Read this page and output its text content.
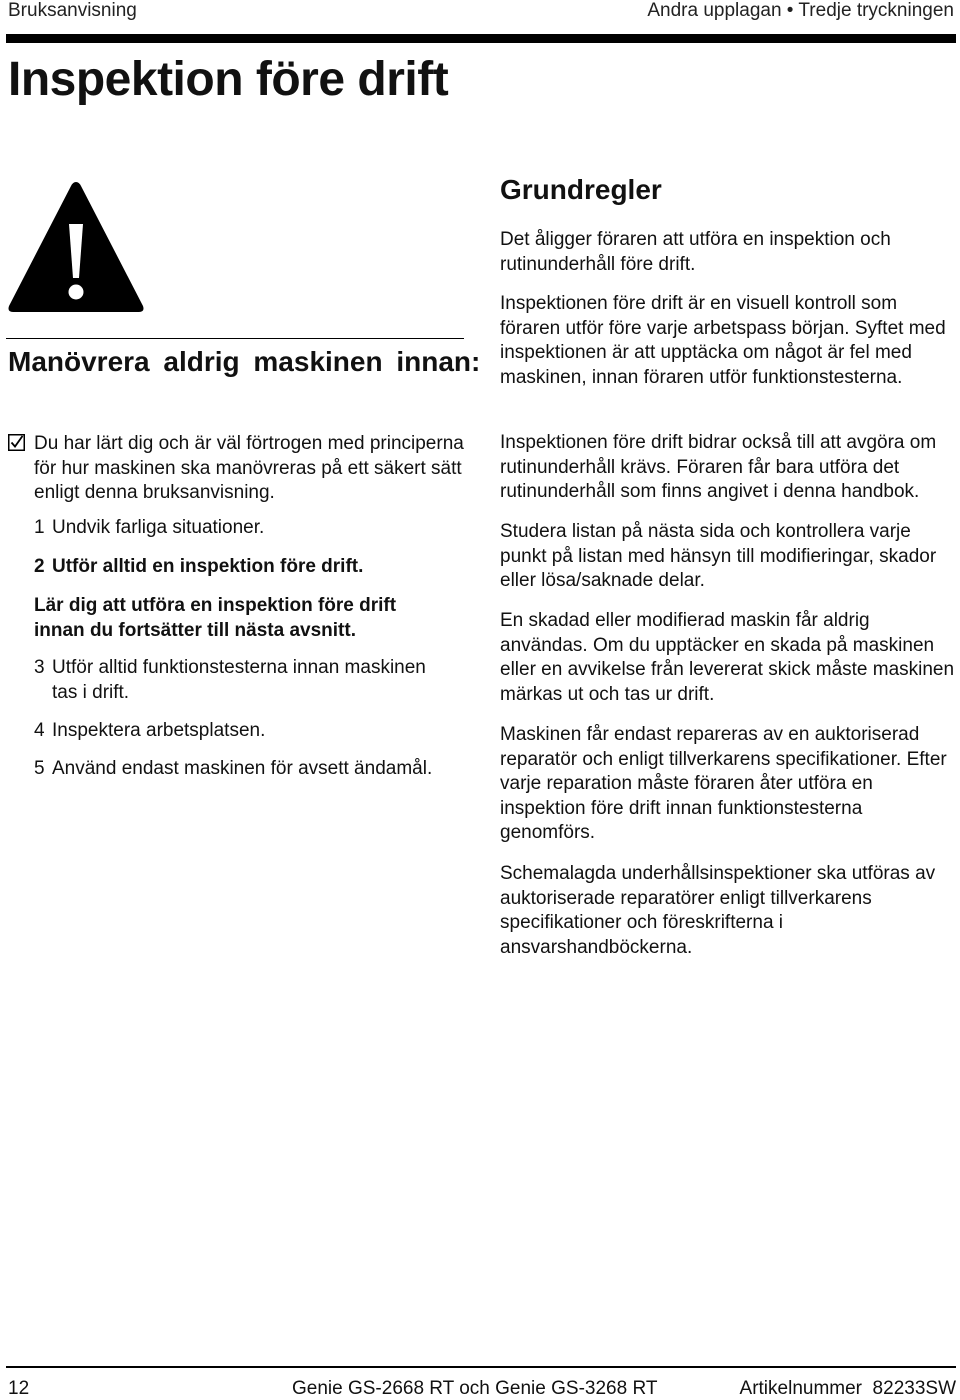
Bruksanvisning	Andra upplagan • Tredje tryckningen
Inspektion före drift
Manövrera aldrig maskinen innan:
Du har lärt dig och är väl förtrogen med principerna för hur maskinen ska manövreras på ett säkert sätt enligt denna bruksanvisning.
1 Undvik farliga situationer.
2 Utför alltid en inspektion före drift.
Lär dig att utföra en inspektion före drift innan du fortsätter till nästa avsnitt.
3 Utför alltid funktionstesterna innan maskinen
tas i drift.
4 Inspektera arbetsplatsen.
5 Använd endast maskinen för avsett ändamål.
Grundregler

Det åligger föraren att utföra en inspektion och rutinunderhåll före drift.

Inspektionen före drift är en visuell kontroll som föraren utför före varje arbetspass början. Syftet med inspektionen är att upptäcka om något är fel med maskinen, innan föraren utför funktionstesterna.

Inspektionen före drift bidrar också till att avgöra om rutinunderhåll krävs. Föraren får bara utföra det rutinunderhåll som finns angivet i denna handbok.

Studera listan på nästa sida och kontrollera varje punkt på listan med hänsyn till modifieringar, skador eller lösa/saknade delar.

En skadad eller modifierad maskin får aldrig användas. Om du upptäcker en skada på maskinen eller en avvikelse från levererat skick måste maskinen märkas ut och tas ur drift.

Maskinen får endast repareras av en auktoriserad reparatör och enligt tillverkarens specifikationer. Efter varje reparation måste föraren åter utföra en inspektion före drift innan funktionstesterna genomförs.

Schemalagda underhållsinspektioner ska utföras av auktoriserade reparatörer enligt tillverkarens specifikationer och föreskrifterna i ansvarshandböckerna.

12	Genie GS-2668 RT och Genie GS-3268 RT	Artikelnummer  82233SW
